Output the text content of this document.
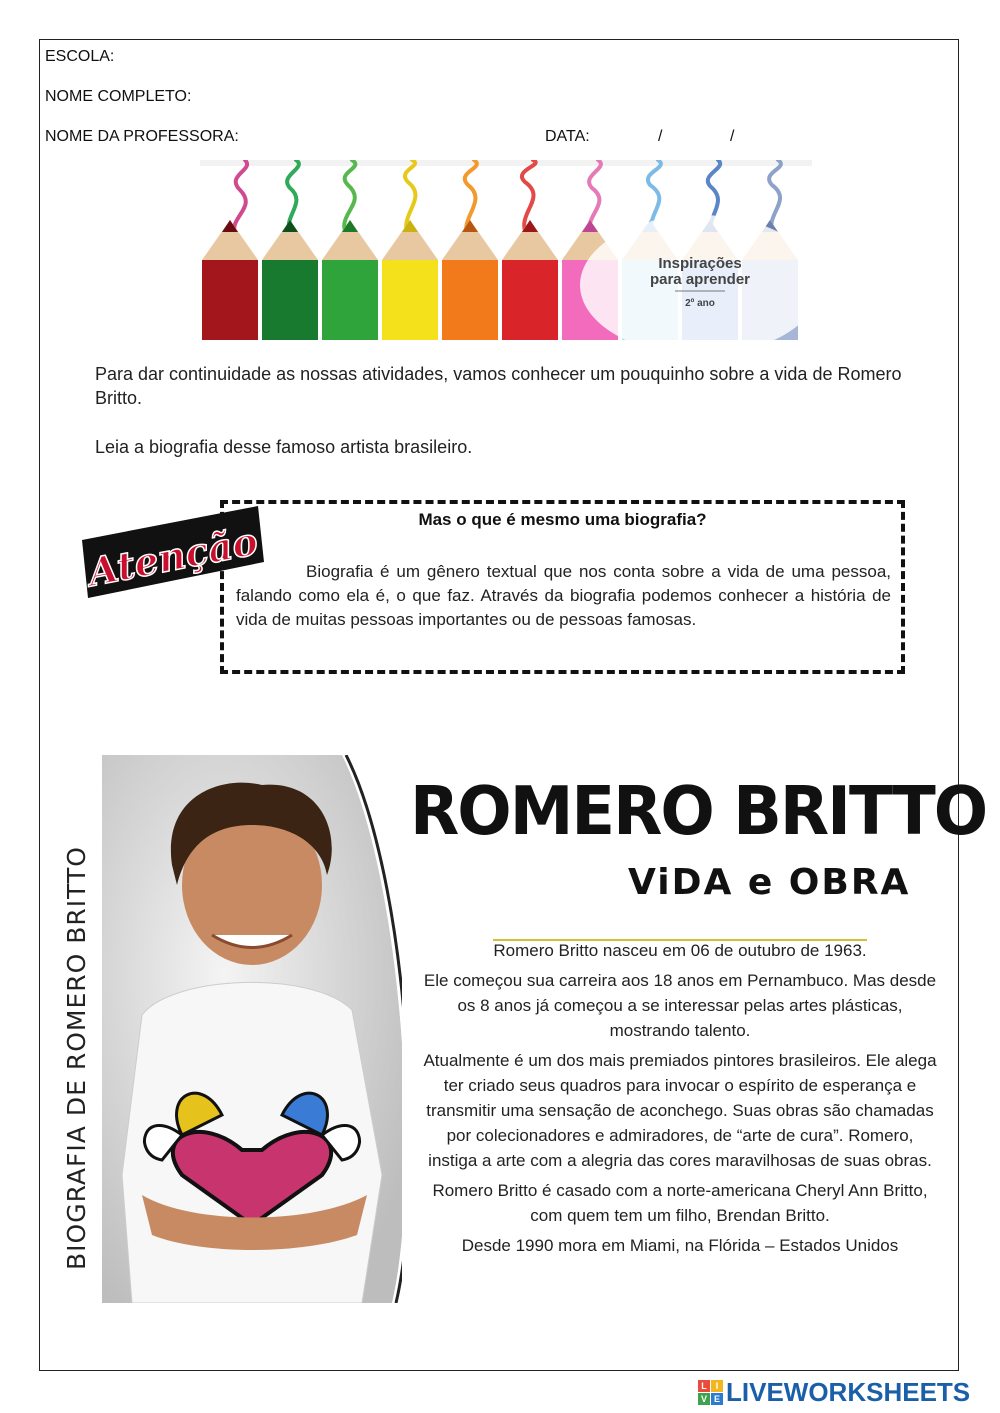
ESCOLA:
NOME COMPLETO:
NOME DA PROFESSORA:	DATA:	/	/
Inspirações
para aprender
2º ano
Para dar continuidade as nossas atividades, vamos conhecer um pouquinho sobre a vida de Romero Britto.
Leia a biografia desse famoso artista brasileiro.
Atenção	Mas o que é mesmo uma biografia?
Biografia é um gênero textual que nos conta sobre a vida de uma pessoa, falando como ela é, o que faz. Através da biografia podemos conhecer a história de vida de muitas pessoas importantes ou de pessoas famosas.
BIOGRAFIA DE ROMERO BRITTO
ROMERO BRITTO
ViDA e OBRA

Romero Britto nasceu em 06 de outubro de 1963.

Ele começou sua carreira aos 18 anos em Pernambuco. Mas desde os 8 anos já começou a se interessar pelas artes plásticas, mostrando talento.

Atualmente é um dos mais premiados pintores brasileiros. Ele alega ter criado seus quadros para invocar o espírito de esperança e transmitir uma sensação de aconchego. Suas obras são chamadas por colecionadores e admiradores, de “arte de cura”. Romero, instiga a arte com a alegria das cores maravilhosas de suas obras.

Romero Britto é casado com a norte-americana Cheryl Ann Britto, com quem tem um filho, Brendan Britto.

Desde 1990 mora em Miami, na Flórida – Estados Unidos

L I
V E LIVEWORKSHEETS
